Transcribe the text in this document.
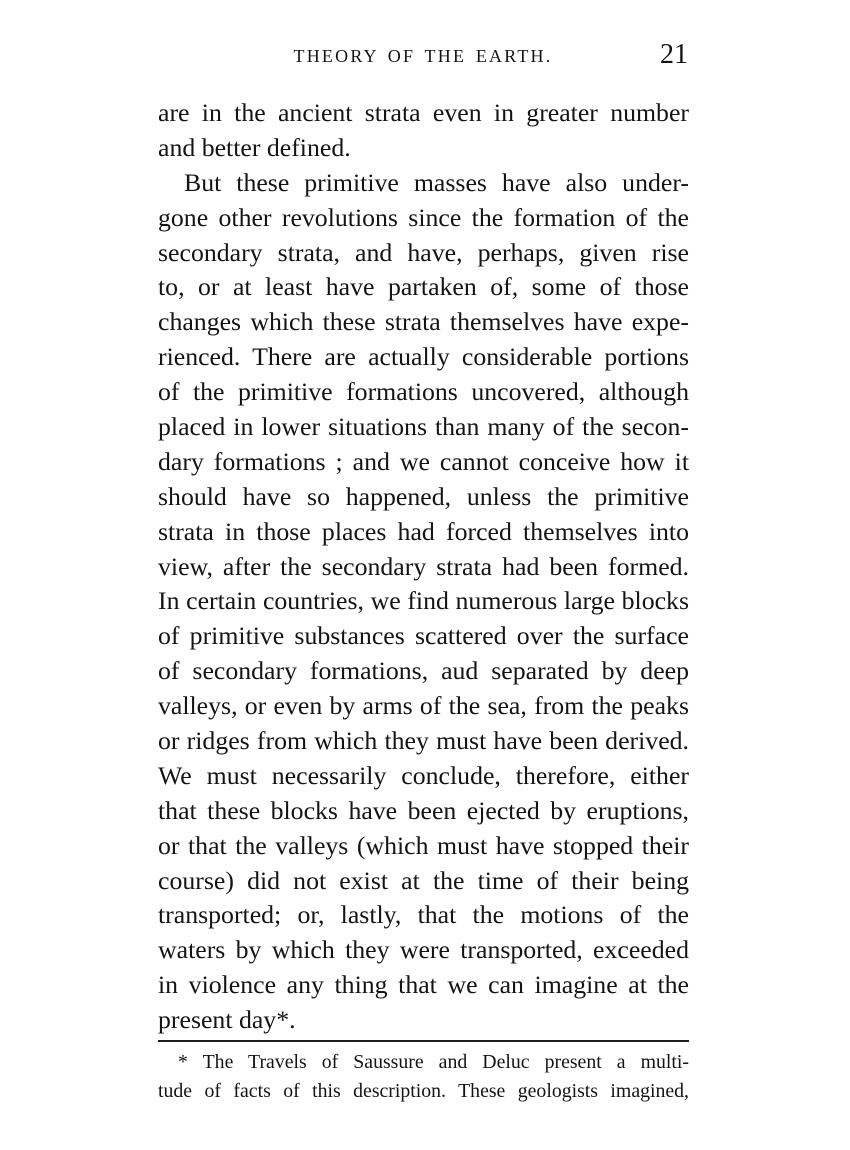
THEORY OF THE EARTH.	21
are in the ancient strata even in greater number
and better defined.
But these primitive masses have also under-
gone other revolutions since the formation of the
secondary strata, and have, perhaps, given rise
to, or at least have partaken of, some of those
changes which these strata themselves have expe-
rienced. There are actually considerable portions
of the primitive formations uncovered, although
placed in lower situations than many of the secon-
dary formations ; and we cannot conceive how it
should have so happened, unless the primitive
strata in those places had forced themselves into
view, after the secondary strata had been formed.
In certain countries, we find numerous large blocks
of primitive substances scattered over the surface
of secondary formations, aud separated by deep
valleys, or even by arms of the sea, from the peaks
or ridges from which they must have been derived.
We must necessarily conclude, therefore, either
that these blocks have been ejected by eruptions,
or that the valleys (which must have stopped their
course) did not exist at the time of their being
transported; or, lastly, that the motions of the
waters by which they were transported, exceeded
in violence any thing that we can imagine at the
present day*.
* The Travels of Saussure and Deluc present a multi-
tude of facts of this description. These geologists imagined,
